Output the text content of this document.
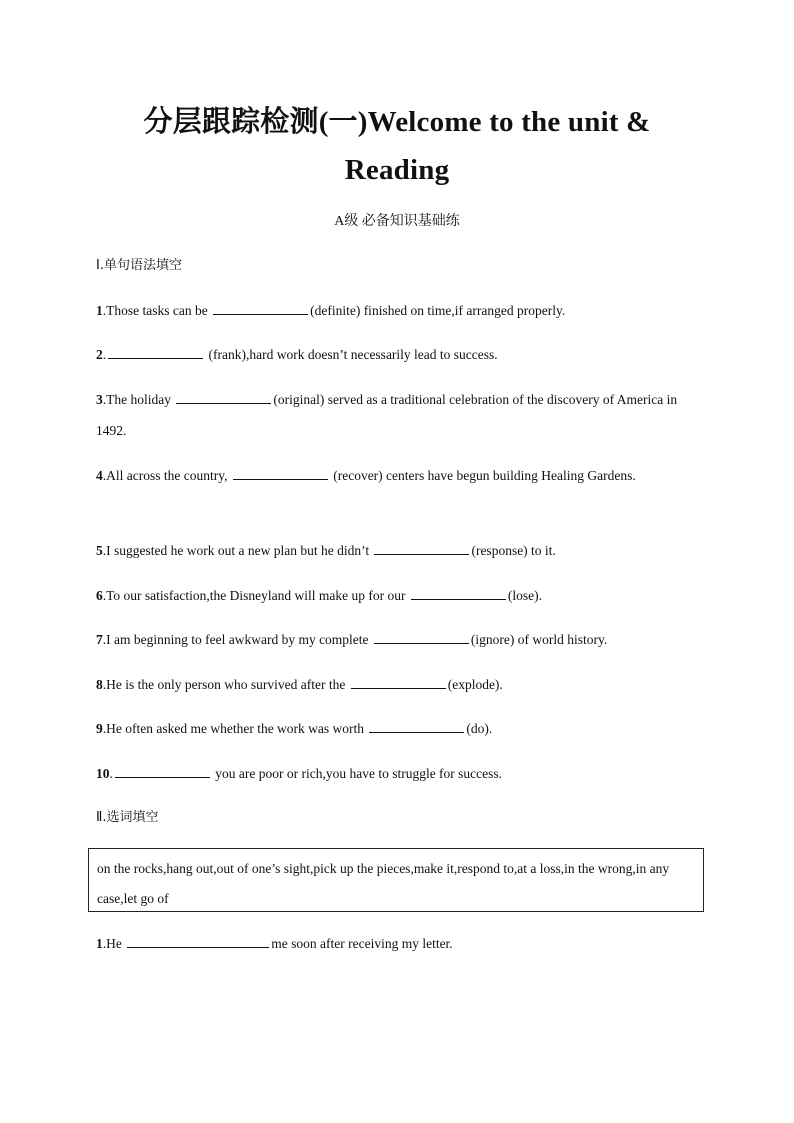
分层跟踪检测(一)Welcome to the unit &
Reading
A级 必备知识基础练
Ⅰ.单句语法填空
1.Those tasks can be	(definite) finished on time,if arranged properly.
2.	(frank),hard work doesn’t necessarily lead to success.
3.The holiday	(original) served as a traditional celebration of the discovery of America in 1492.
4.All across the country,	(recover) centers have begun building Healing Gardens.
5.I suggested he work out a new plan but he didn’t	(response) to it.
6.To our satisfaction,the Disneyland will make up for our	(lose).
7.I am beginning to feel awkward by my complete	(ignore) of world history.
8.He is the only person who survived after the	(explode).
9.He often asked me whether the work was worth	(do).
10.	you are poor or rich,you have to struggle for success.
Ⅱ.选词填空
on the rocks,hang out,out of one’s sight,pick up the pieces,make it,respond to,at a loss,in the wrong,in any case,let go of
1.He	me soon after receiving my letter.
